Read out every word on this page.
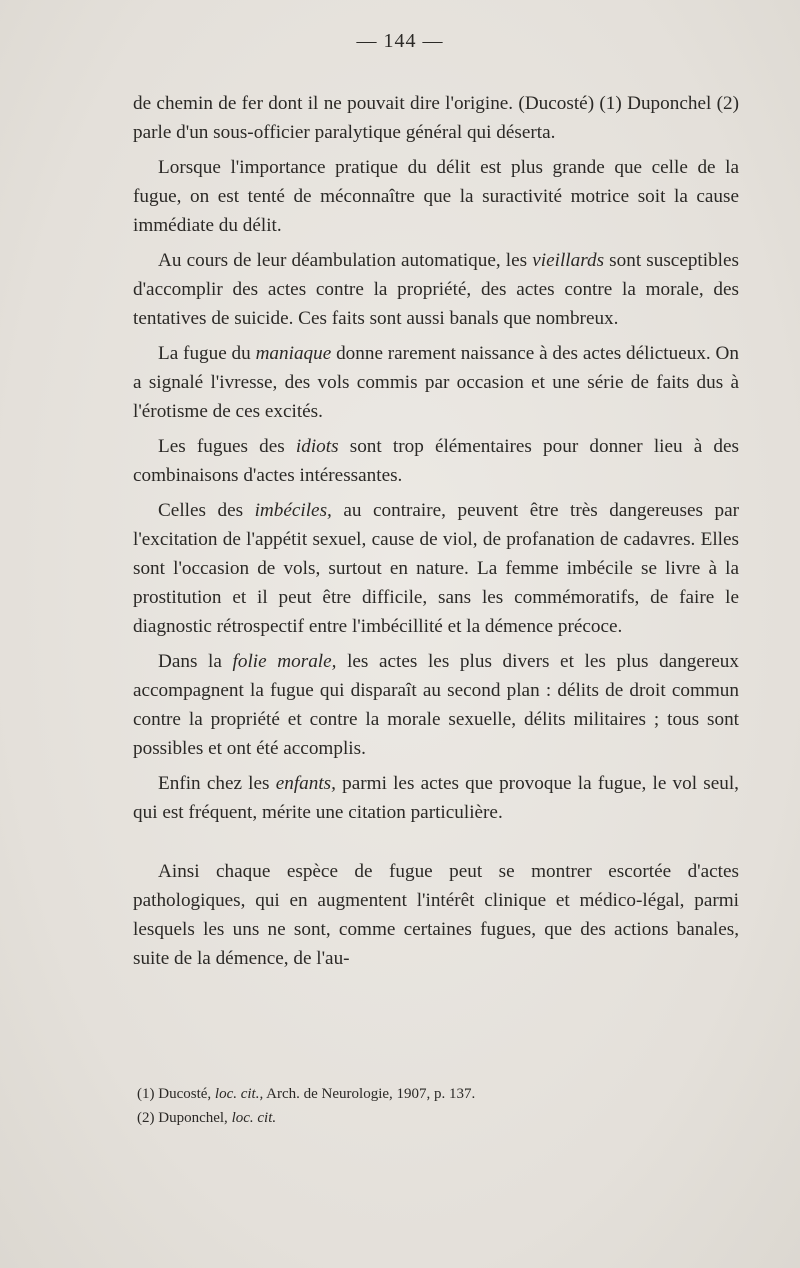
— 144 —

de chemin de fer dont il ne pouvait dire l'origine. (Ducosté) (1) Duponchel (2) parle d'un sous-officier paralytique général qui déserta.

Lorsque l'importance pratique du délit est plus grande que celle de la fugue, on est tenté de méconnaître que la suractivité motrice soit la cause immédiate du délit.

Au cours de leur déambulation automatique, les vieillards sont susceptibles d'accomplir des actes contre la propriété, des actes contre la morale, des tentatives de suicide. Ces faits sont aussi banals que nombreux.

La fugue du maniaque donne rarement naissance à des actes délictueux. On a signalé l'ivresse, des vols commis par occasion et une série de faits dus à l'érotisme de ces excités.

Les fugues des idiots sont trop élémentaires pour donner lieu à des combinaisons d'actes intéressantes.

Celles des imbéciles, au contraire, peuvent être très dangereuses par l'excitation de l'appétit sexuel, cause de viol, de profanation de cadavres. Elles sont l'occasion de vols, surtout en nature. La femme imbécile se livre à la prostitution et il peut être difficile, sans les commémoratifs, de faire le diagnostic rétrospectif entre l'imbécillité et la démence précoce.

Dans la folie morale, les actes les plus divers et les plus dangereux accompagnent la fugue qui disparaît au second plan : délits de droit commun contre la propriété et contre la morale sexuelle, délits militaires ; tous sont possibles et ont été accomplis.

Enfin chez les enfants, parmi les actes que provoque la fugue, le vol seul, qui est fréquent, mérite une citation particulière.

Ainsi chaque espèce de fugue peut se montrer escortée d'actes pathologiques, qui en augmentent l'intérêt clinique et médico-légal, parmi lesquels les uns ne sont, comme certaines fugues, que des actions banales, suite de la démence, de l'au-

(1) Ducosté, loc. cit., Arch. de Neurologie, 1907, p. 137.
(2) Duponchel, loc. cit.
